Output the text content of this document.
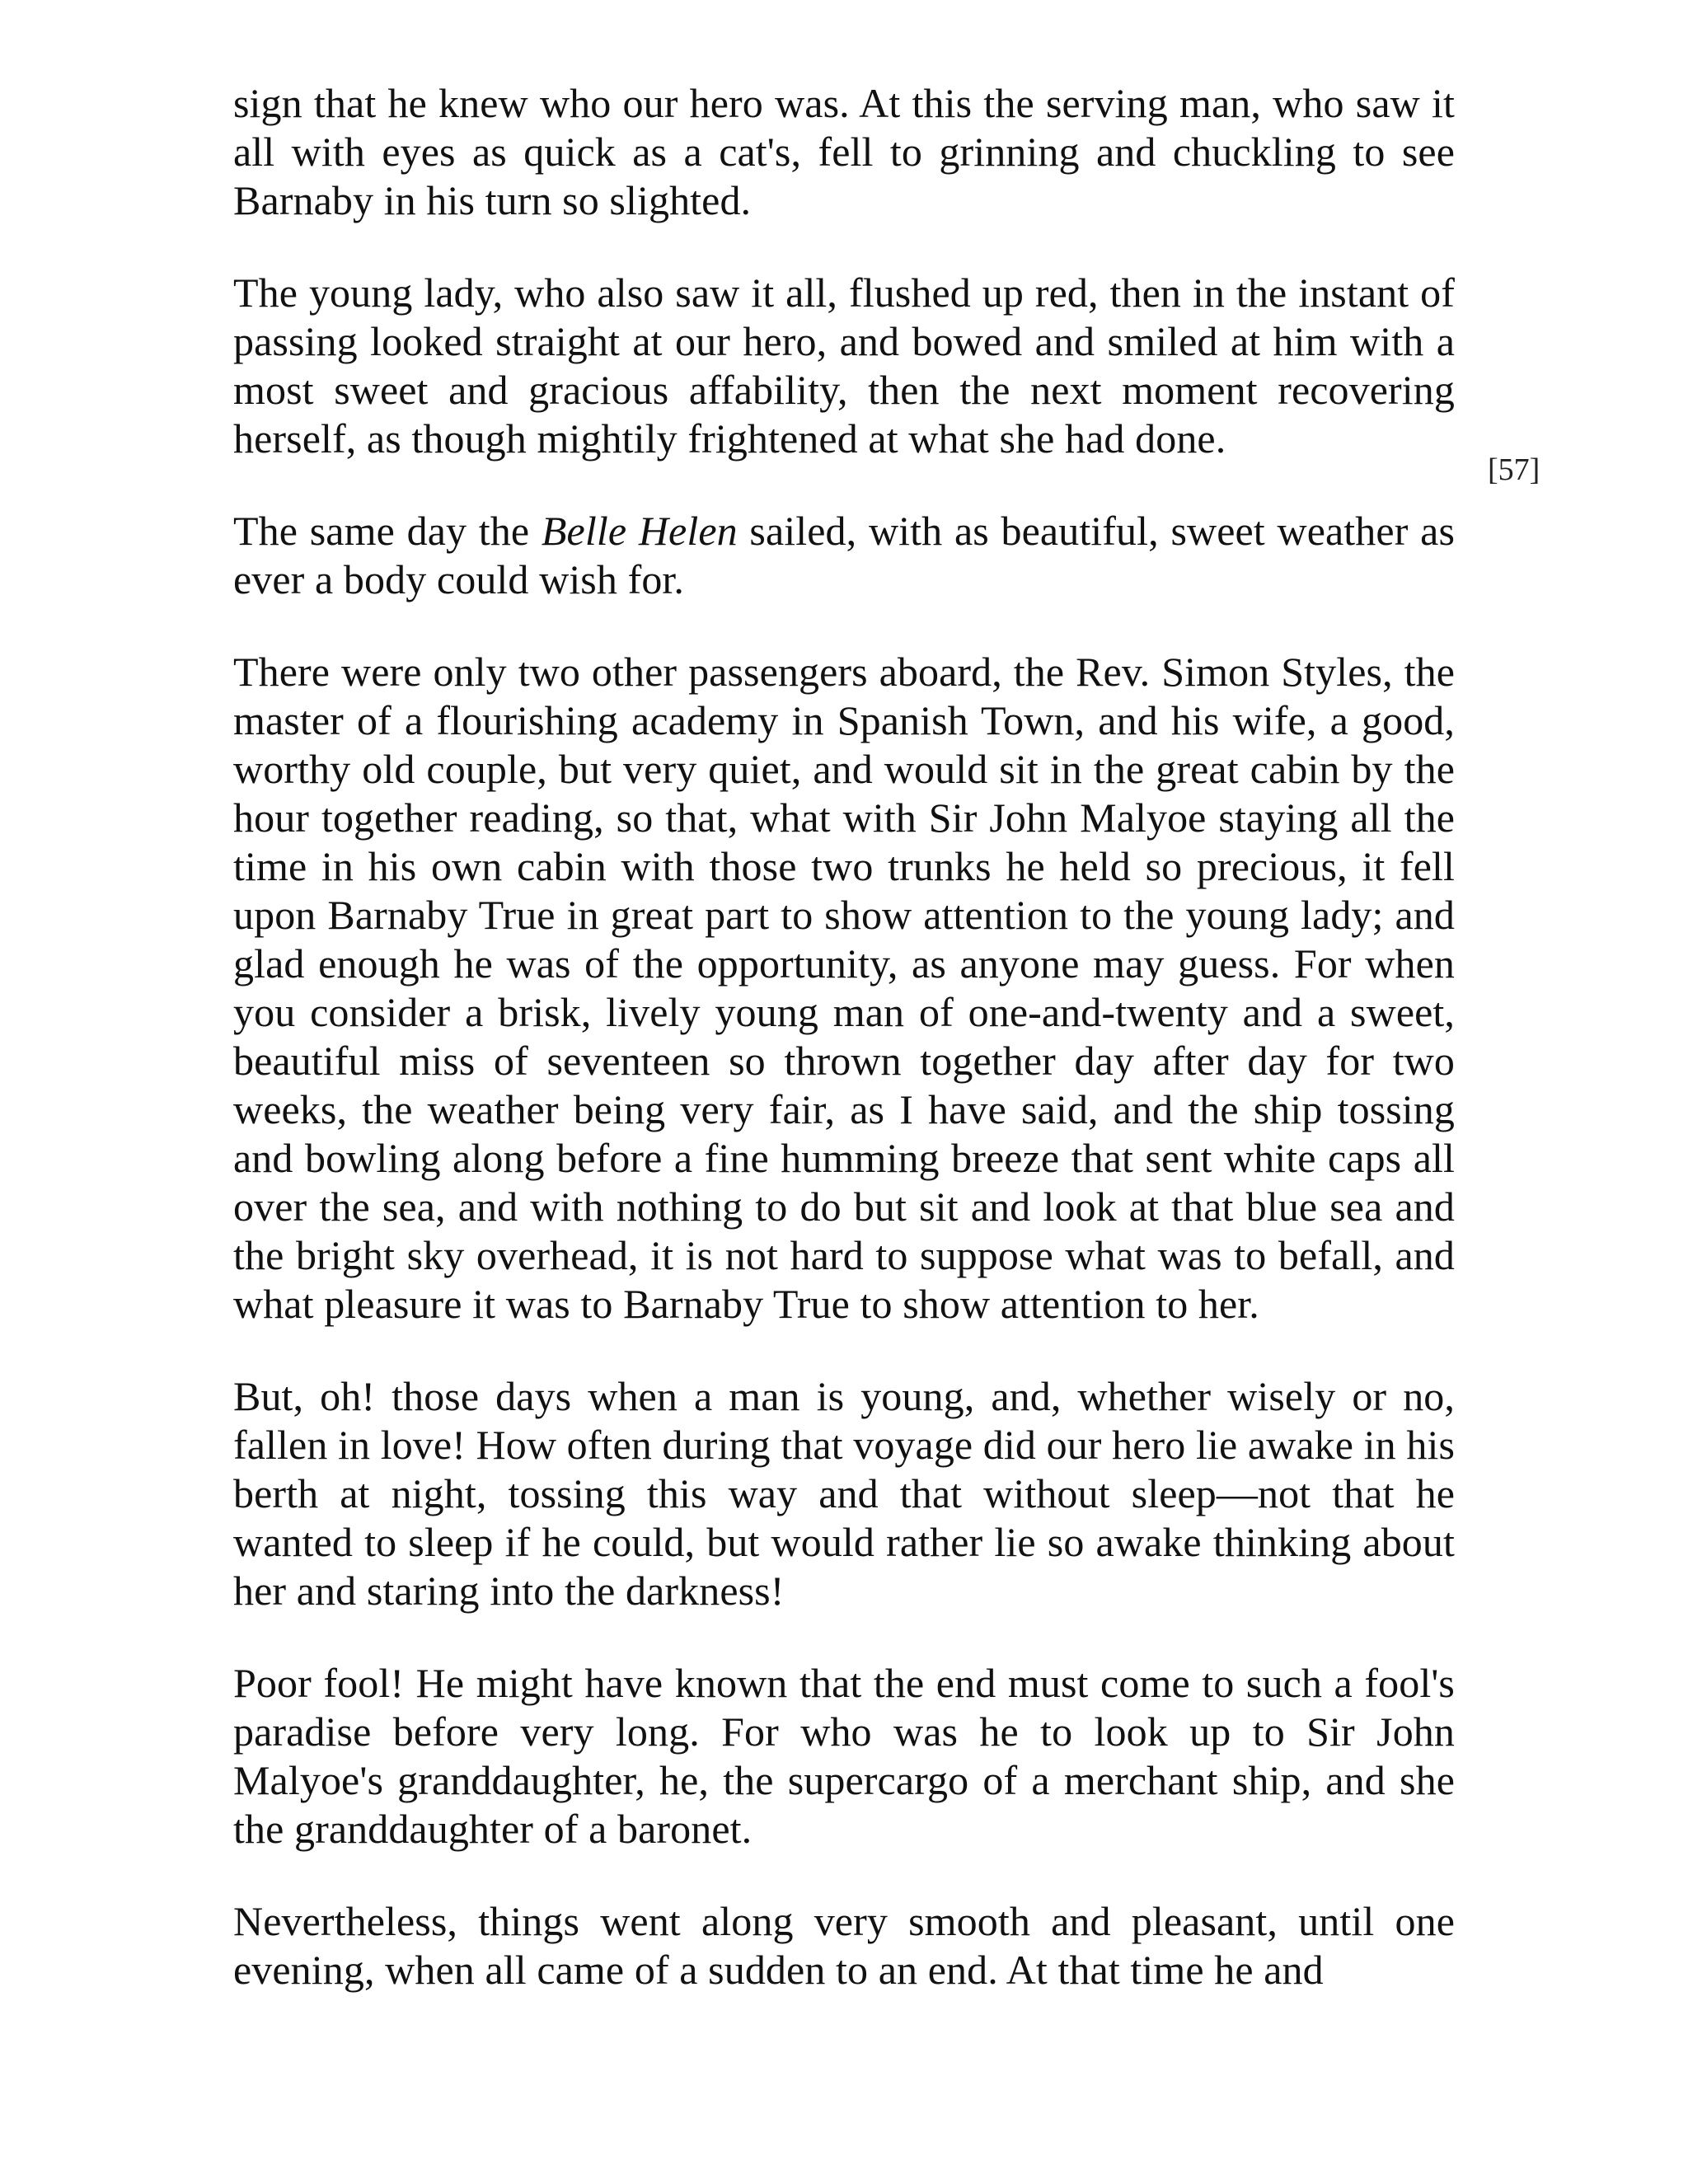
sign that he knew who our hero was. At this the serving man, who saw it all with eyes as quick as a cat's, fell to grinning and chuckling to see Barnaby in his turn so slighted.

The young lady, who also saw it all, flushed up red, then in the instant of passing looked straight at our hero, and bowed and smiled at him with a most sweet and gracious affability, then the next moment recovering herself, as though mightily frightened at what she had done.

The same day the Belle Helen sailed, with as beautiful, sweet weather as ever a body could wish for.

There were only two other passengers aboard, the Rev. Simon Styles, the master of a flourishing academy in Spanish Town, and his wife, a good, worthy old couple, but very quiet, and would sit in the great cabin by the hour together reading, so that, what with Sir John Malyoe staying all the time in his own cabin with those two trunks he held so precious, it fell upon Barnaby True in great part to show attention to the young lady; and glad enough he was of the opportunity, as anyone may guess. For when you consider a brisk, lively young man of one-and-twenty and a sweet, beautiful miss of seventeen so thrown together day after day for two weeks, the weather being very fair, as I have said, and the ship tossing and bowling along before a fine humming breeze that sent white caps all over the sea, and with nothing to do but sit and look at that blue sea and the bright sky overhead, it is not hard to suppose what was to befall, and what pleasure it was to Barnaby True to show attention to her.

But, oh! those days when a man is young, and, whether wisely or no, fallen in love! How often during that voyage did our hero lie awake in his berth at night, tossing this way and that without sleep—not that he wanted to sleep if he could, but would rather lie so awake thinking about her and staring into the darkness!

Poor fool! He might have known that the end must come to such a fool's paradise before very long. For who was he to look up to Sir John Malyoe's granddaughter, he, the supercargo of a merchant ship, and she the granddaughter of a baronet.

Nevertheless, things went along very smooth and pleasant, until one evening, when all came of a sudden to an end. At that time he and

[57]
